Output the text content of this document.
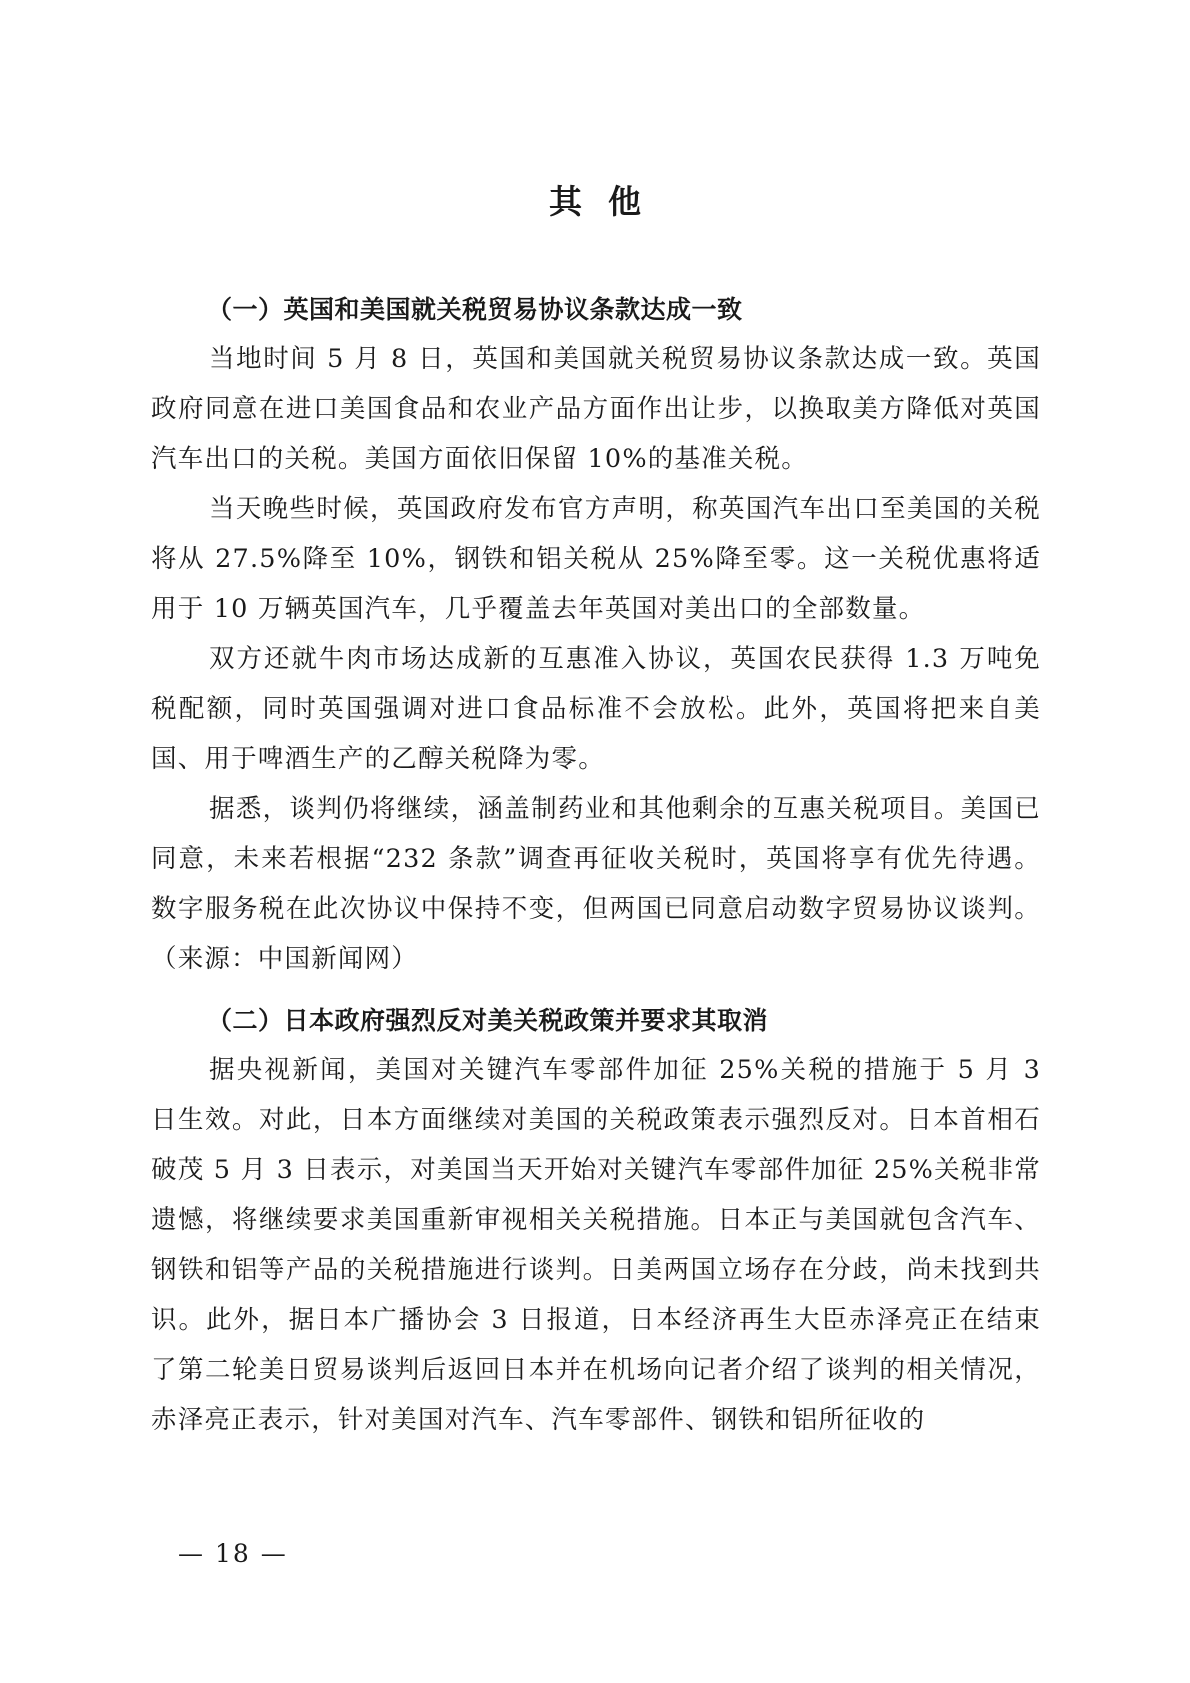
其他
（一）英国和美国就关税贸易协议条款达成一致

当地时间 5 月 8 日，英国和美国就关税贸易协议条款达成一致。英国政府同意在进口美国食品和农业产品方面作出让步，以换取美方降低对英国汽车出口的关税。美国方面依旧保留 10%的基准关税。

当天晚些时候，英国政府发布官方声明，称英国汽车出口至美国的关税将从 27.5%降至 10%，钢铁和铝关税从 25%降至零。这一关税优惠将适用于 10 万辆英国汽车，几乎覆盖去年英国对美出口的全部数量。

双方还就牛肉市场达成新的互惠准入协议，英国农民获得 1.3 万吨免税配额，同时英国强调对进口食品标准不会放松。此外，英国将把来自美国、用于啤酒生产的乙醇关税降为零。

据悉，谈判仍将继续，涵盖制药业和其他剩余的互惠关税项目。美国已同意，未来若根据“232 条款”调查再征收关税时，英国将享有优先待遇。数字服务税在此次协议中保持不变，但两国已同意启动数字贸易协议谈判。（来源：中国新闻网）

（二）日本政府强烈反对美关税政策并要求其取消

据央视新闻，美国对关键汽车零部件加征 25%关税的措施于 5 月 3 日生效。对此，日本方面继续对美国的关税政策表示强烈反对。日本首相石破茂 5 月 3 日表示，对美国当天开始对关键汽车零部件加征 25%关税非常遗憾，将继续要求美国重新审视相关关税措施。日本正与美国就包含汽车、钢铁和铝等产品的关税措施进行谈判。日美两国立场存在分歧，尚未找到共识。此外，据日本广播协会 3 日报道，日本经济再生大臣赤泽亮正在结束了第二轮美日贸易谈判后返回日本并在机场向记者介绍了谈判的相关情况，赤泽亮正表示，针对美国对汽车、汽车零部件、钢铁和铝所征收的

— 18 —
